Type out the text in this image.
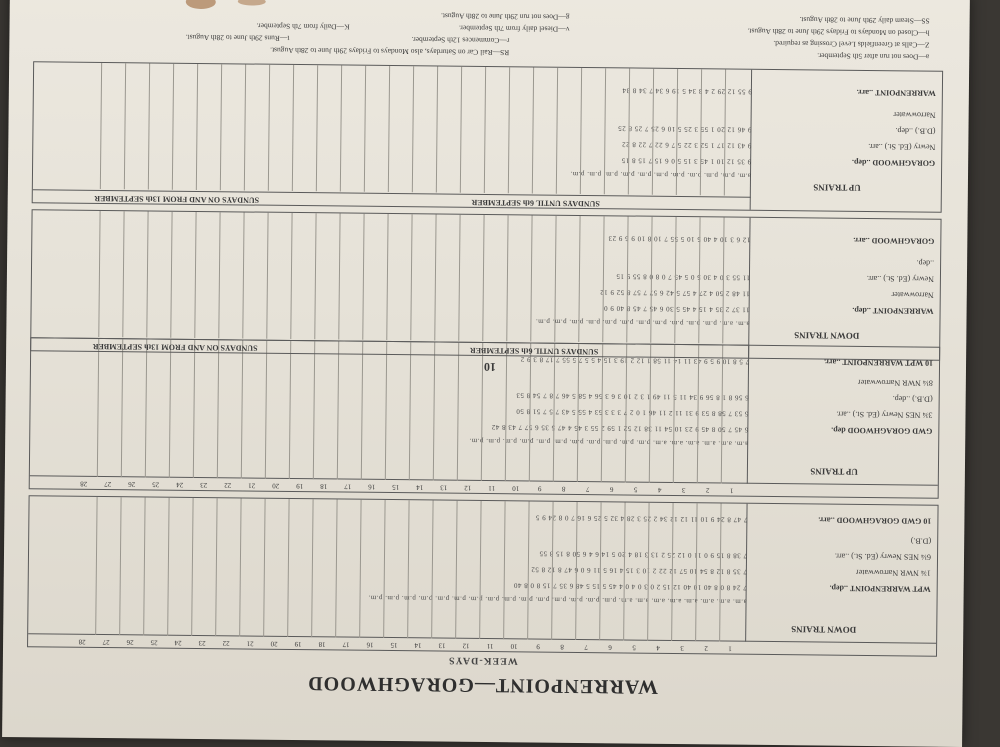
WARRENPOINT—GORAGHWOOD
WEEK-DAYS
1
2
3
4
5
6
7
8
9
10
11
12
13
14
15
16
17
18
19
20
21
22
23
24
25
26
27
28
DOWN TRAINS
WPT WARRENPOINT ..dep.
1¾ NWR Narrowwater
6¼ NES Newry (Ed. St.) ..arr.
(D.B.)
10 GWD GORAGHWOOD ..arr.
a.m. a.m. a.m. a.m. a.m. a.m. a.m. a.m. p.m. p.m. p.m. p.m. p.m. p.m. p.m. p.m. p.m. p.m. p.m. p.m. p.m. p.m. p.m.
7 24 8 0 8 40 10 40 12 15 2 0 3 0 4 0 4 45 5 15 5 48 6 35 7 15 8 0 8 40
7 35 8 12 8 54 10 57 12 22 2 10 3 15 4 16 5 11 6 0 6 47 8 12 8 52
7 38 8 15 9 0 11 0 12 25 2 13 3 18 4 20 5 14 6 4 6 50 8 15 8 55
7 47 8 24 9 10 11 12 12 34 2 25 3 28 4 32 5 25 6 16 7 0 8 24 9 5
1
2
3
4
5
6
7
8
9
10
11
12
13
14
15
16
17
18
19
20
21
22
23
24
25
26
27
28
UP TRAINS
GWD GORAGHWOOD dep.
3¾ NES Newry (Ed. St.) ..arr.
(D.B.) ..dep.
8¼ NWR Narrowwater
10 WPT WARRENPOINT ..arr.
a.m. a.m. a.m. a.m. a.m. a.m. p.m. p.m. p.m. p.m. p.m. p.m. p.m. p.m. p.m. p.m. p.m.
6 45 7 50 8 45 9 23 10 54 11 38 12 52 1 59 2 55 3 45 4 47 5 35 6 57 7 43 8 42
6 53 7 58 8 53 9 31 11 2 11 46 1 0 2 7 3 3 3 53 4 55 5 43 7 5 7 51 8 50
6 56 8 1 8 56 9 34 11 5 11 49 1 3 2 10 3 6 3 56 4 58 5 46 7 8 7 54 8 53
7 5 8 10 9 5 9 43 11 14 11 58 1 12 2 19 3 15 4 5 5 7 5 55 7 17 8 3 9 2
10
SUNDAYS UNTIL 6th SEPTEMBER
SUNDAYS ON AND FROM 13th SEPTEMBER
DOWN TRAINS
WARRENPOINT ..dep.
Narrowwater
Newry (Ed. St.) ..arr.
..dep.
GORAGHWOOD ..arr.
a.m. a.m. p.m. p.m. p.m. p.m. p.m. p.m. p.m. p.m. p.m. p.m. p.m.
11 37 2 35 4 15 4 45 5 30 6 45 7 45 8 40 9 0
11 48 2 50 4 27 4 57 5 42 6 57 7 57 8 52 9 12
11 55 3 0 4 30 5 0 5 45 7 0 8 0 8 55 9 15
12 6 3 10 4 40 5 10 5 55 7 10 8 10 9 5 9 23
SUNDAYS UNTIL 6th SEPTEMBER
SUNDAYS ON AND FROM 13th SEPTEMBER
UP TRAINS
GORAGHWOOD ..dep.
Newry (Ed. St.) ..arr.
(D.B.) ..dep.
Narrowwater
WARRENPOINT ..arr.
a.m. p.m. p.m. p.m. p.m. p.m. p.m. p.m. p.m. p.m. p.m.
9 35 12 10 1 45 3 15 5 0 6 15 7 15 8 15
9 43 12 17 1 52 3 22 5 7 6 22 7 22 8 22
9 46 12 20 1 55 3 25 5 10 6 25 7 25 8 25
9 55 12 29 2 4 3 34 5 19 6 34 7 34 8 34
a—Does not run after 5th September.
Z—Calls at Greenfields Level Crossing as required.
RS—Rail Car on Saturdays, also Mondays to Fridays 29th June to 28th August.
r—Commences 12th September.
t—Runs 29th June to 28th August.
h—Closed on Mondays to Fridays 29th June to 28th August.
v—Diesel daily from 7th September.
K—Daily from 7th September.
SS—Steam daily 29th June to 28th August.
g—Does not run 29th June to 28th August.
